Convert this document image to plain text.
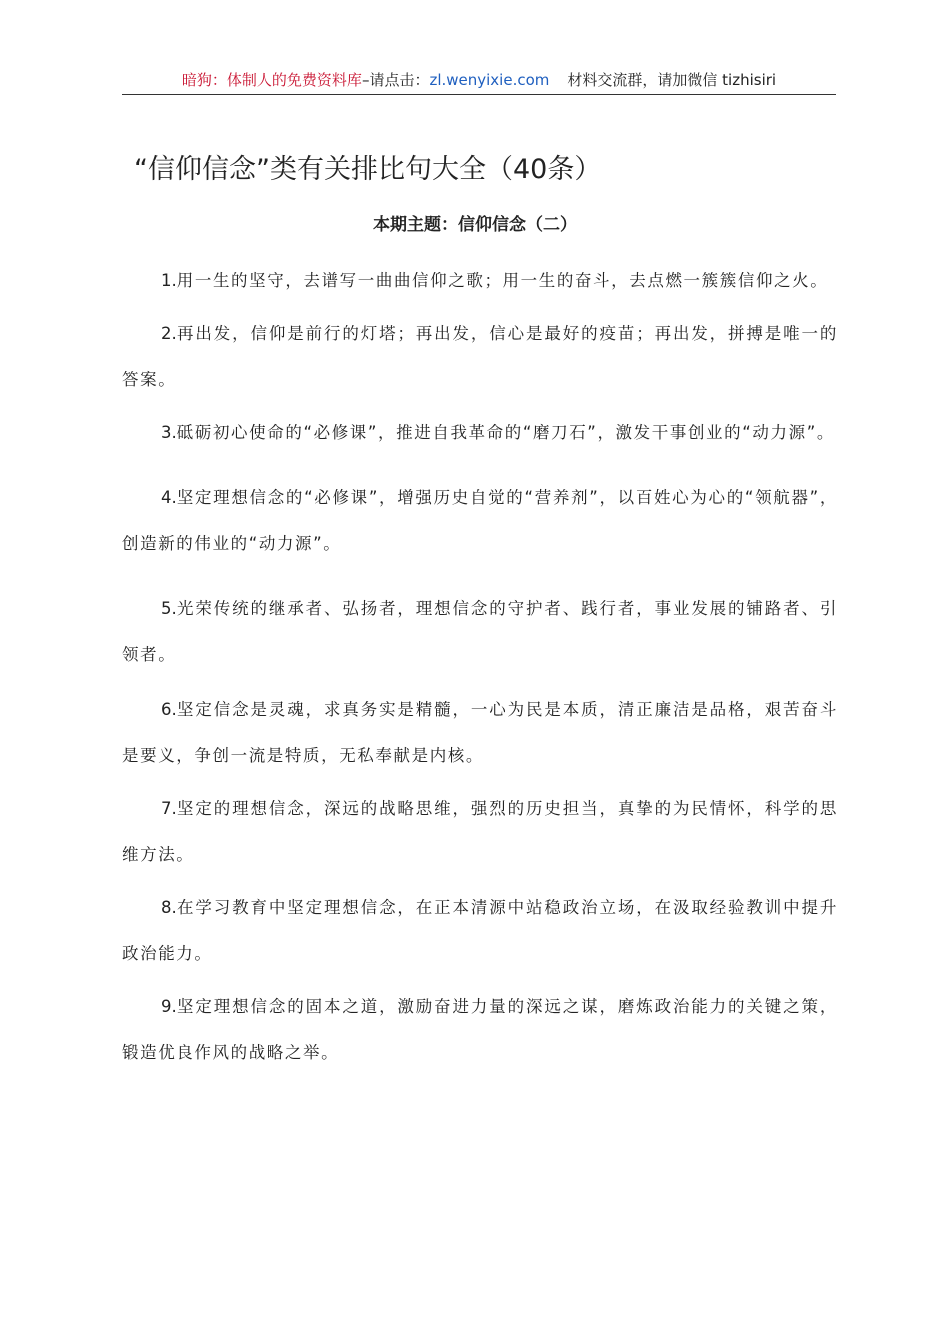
暗狗：体制人的免费资料库–请点击：zl.wenyixie.com 材料交流群，请加微信 tizhisiri
“信仰信念”类有关排比句大全（40条）
本期主题：信仰信念（二）

1.用一生的坚守，去谱写一曲曲信仰之歌；用一生的奋斗，去点燃一簇簇信仰之火。

2.再出发，信仰是前行的灯塔；再出发，信心是最好的疫苗；再出发，拼搏是唯一的答案。

3.砥砺初心使命的“必修课”，推进自我革命的“磨刀石”，激发干事创业的“动力源”。

4.坚定理想信念的“必修课”，增强历史自觉的“营养剂”，以百姓心为心的“领航器”，创造新的伟业的“动力源”。

5.光荣传统的继承者、弘扬者，理想信念的守护者、践行者，事业发展的铺路者、引领者。

6.坚定信念是灵魂，求真务实是精髓，一心为民是本质，清正廉洁是品格，艰苦奋斗是要义，争创一流是特质，无私奉献是内核。

7.坚定的理想信念，深远的战略思维，强烈的历史担当，真挚的为民情怀，科学的思维方法。

8.在学习教育中坚定理想信念，在正本清源中站稳政治立场，在汲取经验教训中提升政治能力。

9.坚定理想信念的固本之道，激励奋进力量的深远之谋，磨炼政治能力的关键之策，锻造优良作风的战略之举。
